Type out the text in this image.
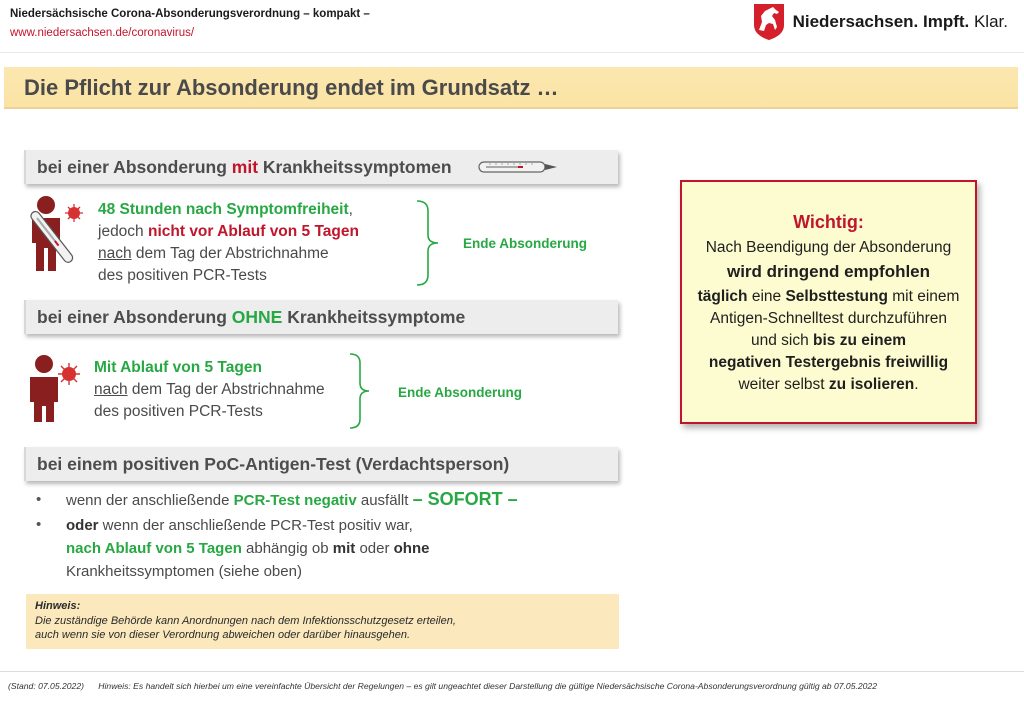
Niedersächsische Corona-Absonderungsverordnung – kompakt –
www.niedersachsen.de/coronavirus/
Niedersachsen. Impft. Klar.
Die Pflicht zur Absonderung endet im Grundsatz …
bei einer Absonderung mit Krankheitssymptomen
48 Stunden nach Symptomfreiheit,
jedoch nicht vor Ablauf von 5 Tagen
nach dem Tag der Abstrichnahme
des positiven PCR-Tests
Ende Absonderung
bei einer Absonderung OHNE Krankheitssymptome
Mit Ablauf von 5 Tagen
nach dem Tag der Abstrichnahme
des positiven PCR-Tests
Ende Absonderung
bei einem positiven PoC-Antigen-Test (Verdachtsperson)
• wenn der anschließende PCR-Test negativ ausfällt – SOFORT –
• oder wenn der anschließende PCR-Test positiv war,
nach Ablauf von 5 Tagen abhängig ob mit oder ohne
Krankheitssymptomen (siehe oben)
Wichtig:
Nach Beendigung der Absonderung
wird dringend empfohlen
täglich eine Selbsttestung mit einem
Antigen-Schnelltest durchzuführen
und sich bis zu einem
negativen Testergebnis freiwillig
weiter selbst zu isolieren.
Hinweis:
Die zuständige Behörde kann Anordnungen nach dem Infektionsschutzgesetz erteilen,
auch wenn sie von dieser Verordnung abweichen oder darüber hinausgehen.
(Stand: 07.05.2022) Hinweis: Es handelt sich hierbei um eine vereinfachte Übersicht der Regelungen – es gilt ungeachtet dieser Darstellung die gültige Niedersächsische Corona-Absonderungsverordnung gültig ab 07.05.2022
